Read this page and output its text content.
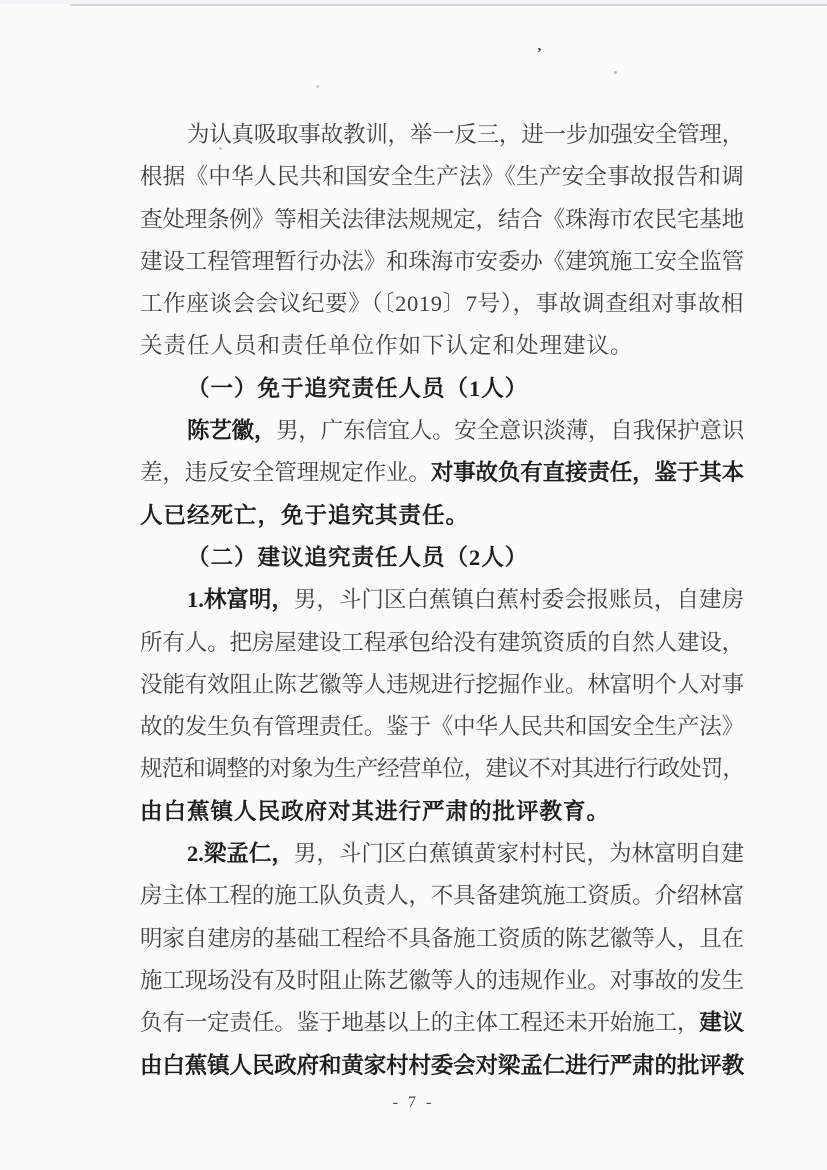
’
为认真吸取事故教训，举一反三，进一步加强安全管理，
根据《中华人民共和国安全生产法》《生产安全事故报告和调
查处理条例》等相关法律法规规定，结合《珠海市农民宅基地
建设工程管理暂行办法》和珠海市安委办《建筑施工安全监管
工作座谈会会议纪要》（〔2019〕7号），事故调查组对事故相
关责任人员和责任单位作如下认定和处理建议。
（一）免于追究责任人员（1人）
陈艺徽，男，广东信宜人。安全意识淡薄，自我保护意识
差，违反安全管理规定作业。对事故负有直接责任，鉴于其本
人已经死亡，免于追究其责任。
（二）建议追究责任人员（2人）
1.林富明，男，斗门区白蕉镇白蕉村委会报账员，自建房
所有人。把房屋建设工程承包给没有建筑资质的自然人建设，
没能有效阻止陈艺徽等人违规进行挖掘作业。林富明个人对事
故的发生负有管理责任。鉴于《中华人民共和国安全生产法》
规范和调整的对象为生产经营单位，建议不对其进行行政处罚，
由白蕉镇人民政府对其进行严肃的批评教育。
2.梁孟仁，男，斗门区白蕉镇黄家村村民，为林富明自建
房主体工程的施工队负责人，不具备建筑施工资质。介绍林富
明家自建房的基础工程给不具备施工资质的陈艺徽等人，且在
施工现场没有及时阻止陈艺徽等人的违规作业。对事故的发生
负有一定责任。鉴于地基以上的主体工程还未开始施工，建议
由白蕉镇人民政府和黄家村村委会对梁孟仁进行严肃的批评教
- 7 -
